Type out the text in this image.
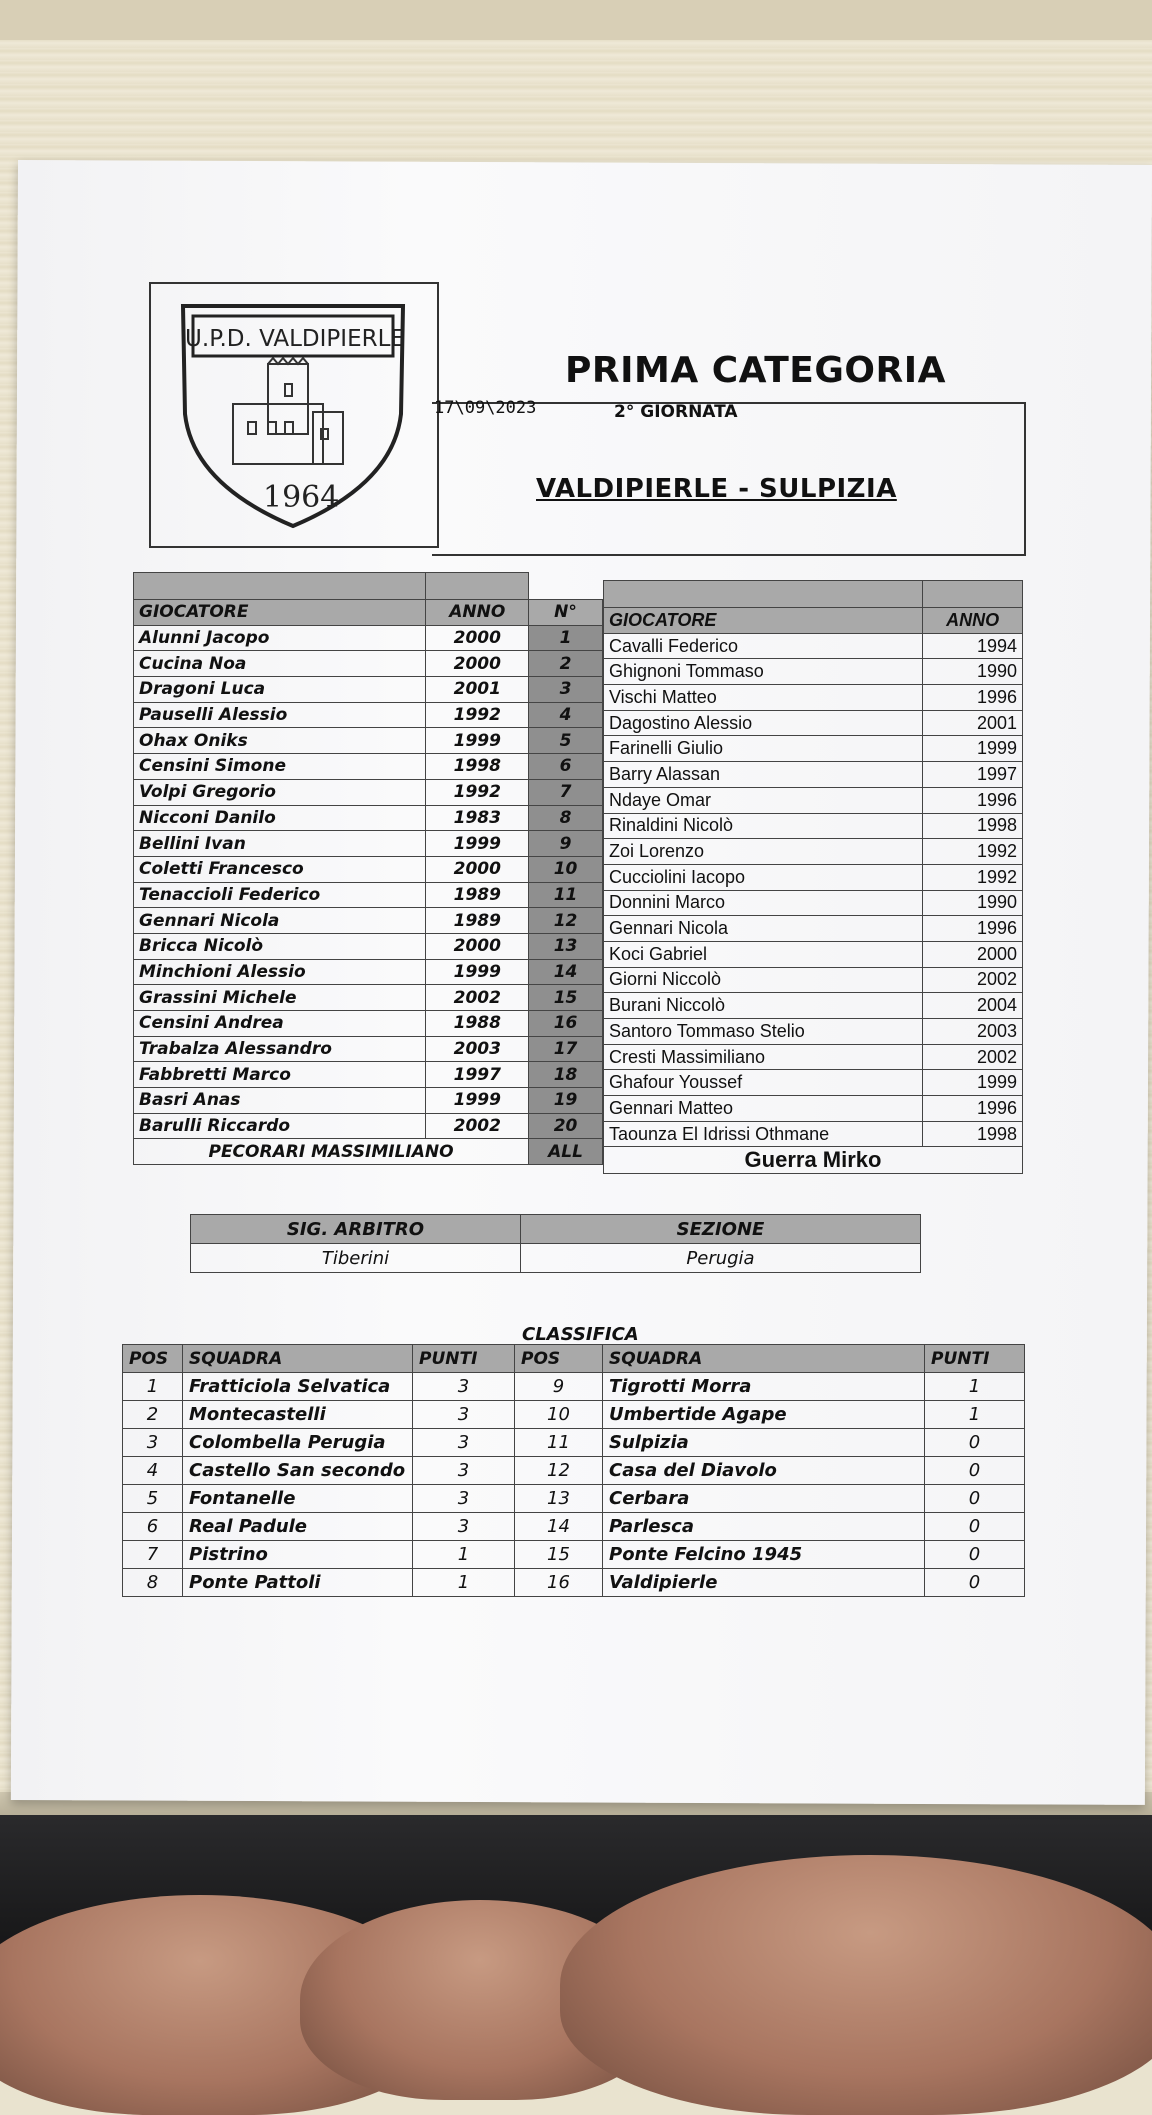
U.P.D. VALDIPIERLE
1964
PRIMA CATEGORIA
17\09\2023	2° GIORNATA
VALDIPIERLE - SULPIZIA

GIOCATORE	ANNO	N°
Alunni Jacopo	2000	1
Cucina Noa	2000	2
Dragoni Luca	2001	3
Pauselli Alessio	1992	4
Ohax Oniks	1999	5
Censini Simone	1998	6
Volpi Gregorio	1992	7
Nicconi Danilo	1983	8
Bellini Ivan	1999	9
Coletti Francesco	2000	10
Tenaccioli Federico	1989	11
Gennari Nicola	1989	12
Bricca Nicolò	2000	13
Minchioni Alessio	1999	14
Grassini Michele	2002	15
Censini Andrea	1988	16
Trabalza Alessandro	2003	17
Fabbretti Marco	1997	18
Basri Anas	1999	19
Barulli Riccardo	2002	20
PECORARI MASSIMILIANO		ALL

GIOCATORE	ANNO
Cavalli Federico	1994
Ghignoni Tommaso	1990
Vischi Matteo	1996
Dagostino Alessio	2001
Farinelli Giulio	1999
Barry Alassan	1997
Ndaye Omar	1996
Rinaldini Nicolò	1998
Zoi Lorenzo	1992
Cucciolini Iacopo	1992
Donnini Marco	1990
Gennari Nicola	1996
Koci Gabriel	2000
Giorni Niccolò	2002
Burani Niccolò	2004
Santoro Tommaso Stelio	2003
Cresti Massimiliano	2002
Ghafour Youssef	1999
Gennari Matteo	1996
Taounza El Idrissi Othmane	1998
Guerra Mirko	
SIG. ARBITRO	SEZIONE
Tiberini	Perugia
CLASSIFICA
POS	SQUADRA	PUNTI	POS	SQUADRA	PUNTI
1	Fratticiola Selvatica	3	9	Tigrotti Morra	1
2	Montecastelli	3	10	Umbertide Agape	1
3	Colombella Perugia	3	11	Sulpizia	0
4	Castello San secondo	3	12	Casa del Diavolo	0
5	Fontanelle	3	13	Cerbara	0
6	Real Padule	3	14	Parlesca	0
7	Pistrino	1	15	Ponte Felcino 1945	0
8	Ponte Pattoli	1	16	Valdipierle	0
